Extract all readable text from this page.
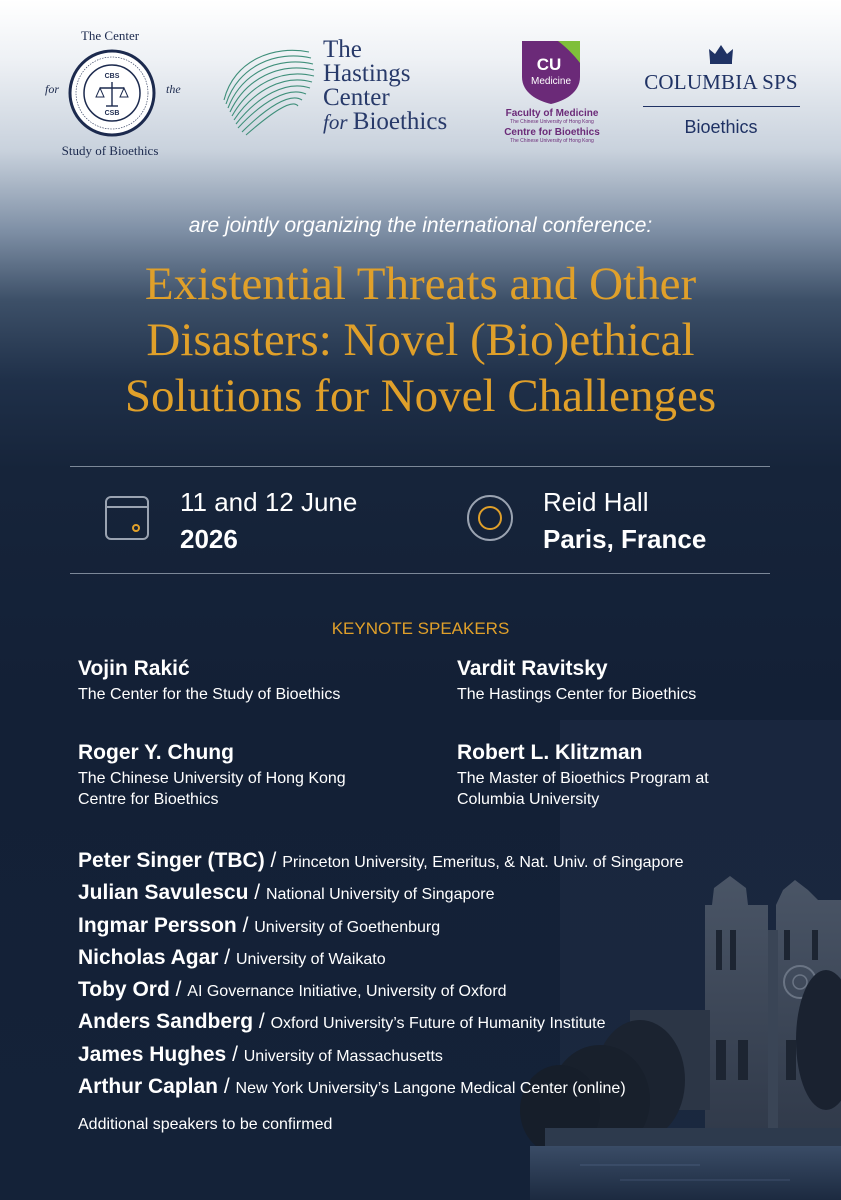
The Center
for	the
CBS
CSB
Study of Bioethics
The
Hastings
Center
for Bioethics
CU
Medicine
Faculty of Medicine
The Chinese University of Hong Kong
Centre for Bioethics
The Chinese University of Hong Kong
COLUMBIA SPS
Bioethics
are jointly organizing the international conference:
Existential Threats and Other
Disasters: Novel (Bio)ethical
Solutions for Novel Challenges
11 and 12 June
2026
Reid Hall
Paris, France
KEYNOTE SPEAKERS
Vojin Rakić
The Center for the Study of Bioethics
Vardit Ravitsky
The Hastings Center for Bioethics
Roger Y. Chung
The Chinese University of Hong Kong
Centre for Bioethics
Robert L. Klitzman
The Master of Bioethics Program at
Columbia University
Peter Singer (TBC) / Princeton University, Emeritus, & Nat. Univ. of Singapore
Julian Savulescu / National University of Singapore
Ingmar Persson / University of Goethenburg
Nicholas Agar / University of Waikato
Toby Ord / AI Governance Initiative, University of Oxford
Anders Sandberg / Oxford University’s Future of Humanity Institute
James Hughes / University of Massachusetts
Arthur Caplan / New York University’s Langone Medical Center (online)
Additional speakers to be confirmed
